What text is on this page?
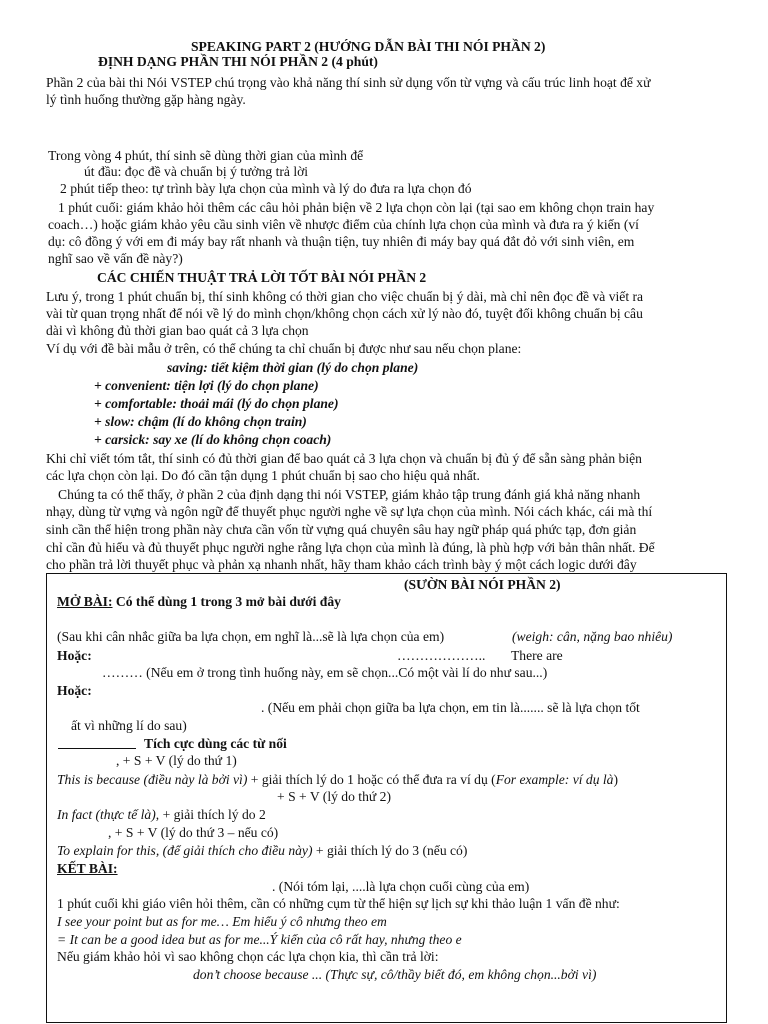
SPEAKING PART 2 (HƯỚNG DẪN BÀI THI NÓI PHẦN 2)
ĐỊNH DẠNG PHẦN THI NÓI PHẦN 2 (4 phút)
Phần 2 của bài thi Nói VSTEP chú trọng vào khả năng thí sinh sử dụng vốn từ vựng và cấu trúc linh hoạt để xử
lý tình huống thường gặp hàng ngày.
Trong vòng 4 phút, thí sinh sẽ dùng thời gian của mình để
út đầu: đọc đề và chuẩn bị ý tưởng trả lời
2 phút tiếp theo: tự trình bày lựa chọn của mình và lý do đưa ra lựa chọn đó
1 phút cuối: giám khảo hỏi thêm các câu hỏi phản biện về 2 lựa chọn còn lại (tại sao em không chọn train hay
coach…) hoặc giám khảo yêu cầu sinh viên về nhược điểm của chính lựa chọn của mình và đưa ra ý kiến (ví
dụ: cô đồng ý với em đi máy bay rất nhanh và thuận tiện, tuy nhiên đi máy bay quá đắt đỏ với sinh viên, em
nghĩ sao về vấn đề này?)
CÁC CHIẾN THUẬT TRẢ LỜI TỐT BÀI NÓI PHẦN 2
Lưu ý, trong 1 phút chuẩn bị, thí sinh không có thời gian cho việc chuẩn bị ý dài, mà chỉ nên đọc đề và viết ra
vài từ quan trọng nhất để nói về lý do mình chọn/không chọn cách xử lý nào đó, tuyệt đối không chuẩn bị câu
dài vì không đủ thời gian bao quát cả 3 lựa chọn
Ví dụ với đề bài mẫu ở trên, có thể chúng ta chỉ chuẩn bị được như sau nếu chọn plane:
saving: tiết kiệm thời gian (lý do chọn plane)
+ convenient: tiện lợi (lý do chọn plane)
+ comfortable: thoải mái (lý do chọn plane)
+ slow: chậm (lí do không chọn train)
+ carsick: say xe (lí do không chọn coach)
Khi chỉ viết tóm tắt, thí sinh có đủ thời gian để bao quát cả 3 lựa chọn và chuẩn bị đủ ý để sẵn sàng phản biện
các lựa chọn còn lại. Do đó cần tận dụng 1 phút chuẩn bị sao cho hiệu quả nhất.
Chúng ta có thể thấy, ở phần 2 của định dạng thi nói VSTEP, giám khảo tập trung đánh giá khả năng nhanh
nhạy, dùng từ vựng và ngôn ngữ để thuyết phục người nghe về sự lựa chọn của mình. Nói cách khác, cái mà thí
sinh cần thể hiện trong phần này chưa cần vốn từ vựng quá chuyên sâu hay ngữ pháp quá phức tạp, đơn giản
chỉ cần đủ hiểu và đủ thuyết phục người nghe rằng lựa chọn của mình là đúng, là phù hợp với bản thân nhất. Để
cho phần trả lời thuyết phục và phản xạ nhanh nhất, hãy tham khảo cách trình bày ý một cách logic dưới đây
(SƯỜN BÀI NÓI PHẦN 2)
MỞ BÀI: Có thể dùng 1 trong 3 mở bài dưới đây
(Sau khi cân nhắc giữa ba lựa chọn, em nghĩ là...sẽ là lựa chọn của em)	(weigh: cân, nặng bao nhiêu)
Hoặc:	……………….. There are
……… (Nếu em ở trong tình huống này, em sẽ chọn...Có một vài lí do như sau...)
Hoặc:
. (Nếu em phải chọn giữa ba lựa chọn, em tin là....... sẽ là lựa chọn tốt
ất vì những lí do sau)
Tích cực dùng các từ nối
, + S + V (lý do thứ 1)
This is because (điều này là bởi vì) + giải thích lý do 1 hoặc có thể đưa ra ví dụ (For example: ví dụ là)
+ S + V (lý do thứ 2)
In fact (thực tế là), + giải thích lý do 2
, + S + V (lý do thứ 3 – nếu có)
To explain for this, (để giải thích cho điều này) + giải thích lý do 3 (nếu có)
KẾT BÀI:
. (Nói tóm lại, ....là lựa chọn cuối cùng của em)
1 phút cuối khi giáo viên hỏi thêm, cần có những cụm từ thể hiện sự lịch sự khi thảo luận 1 vấn đề như:
I see your point but as for me… Em hiểu ý cô nhưng theo em
= It can be a good idea but as for me...Ý kiến của cô rất hay, nhưng theo e
Nếu giám khảo hỏi vì sao không chọn các lựa chọn kia, thì cần trả lời:
don’t choose because ... (Thực sự, cô/thầy biết đó, em không chọn...bởi vì)
